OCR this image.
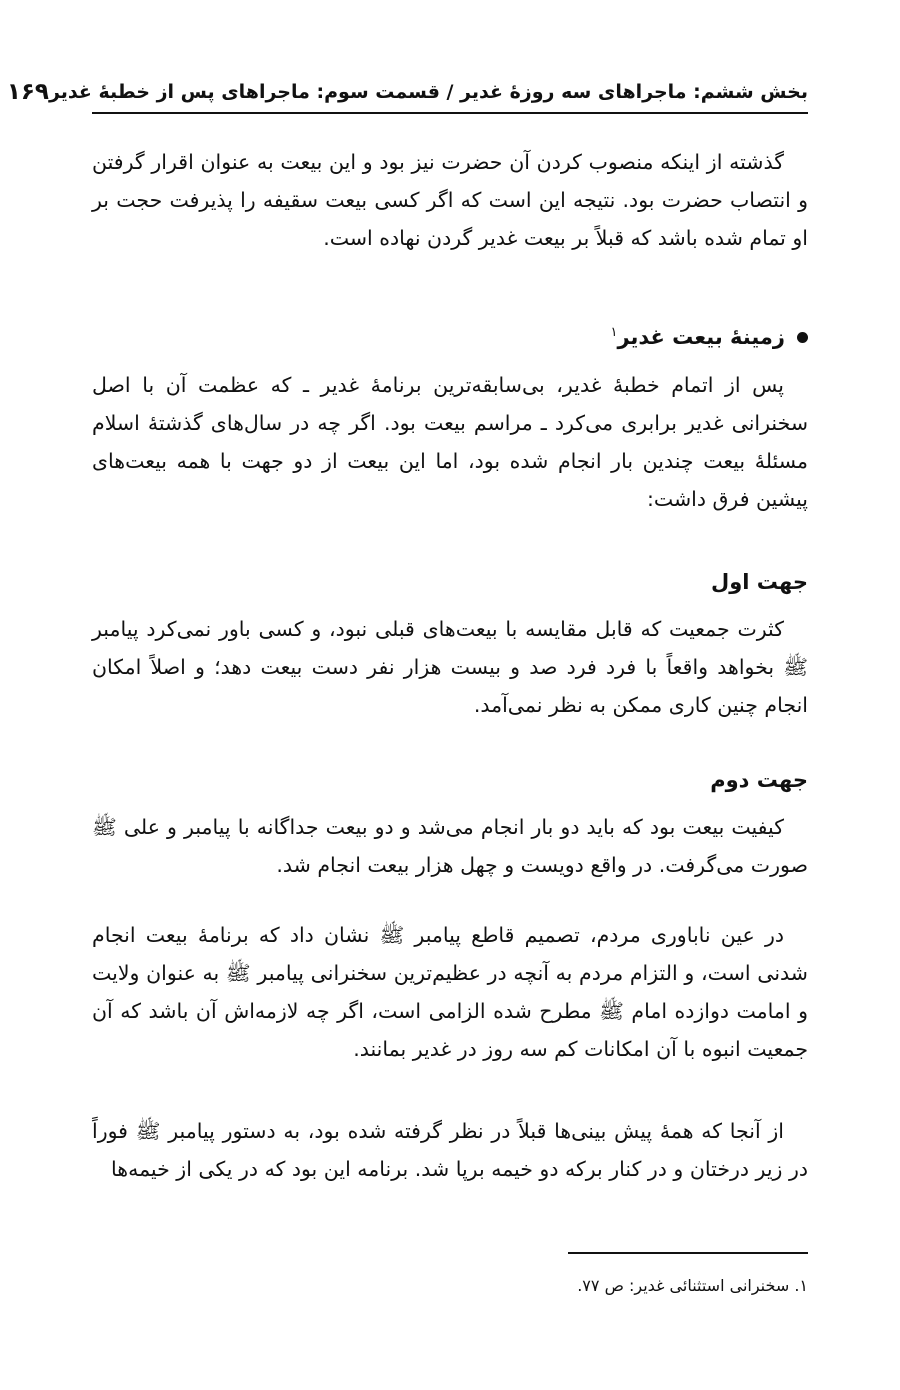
بخش ششم: ماجراهای سه روزۀ غدیر / قسمت سوم: ماجراهای پس از خطبۀ غدیر
۱۶۹

گذشته از اینکه منصوب کردن آن حضرت نیز بود و این بیعت به عنوان اقرار گرفتن و انتصاب حضرت بود. نتیجه این است که اگر کسی بیعت سقیفه را پذیرفت حجت بر او تمام شده باشد که قبلاً بر بیعت غدیر گردن نهاده است.

زمینۀ بیعت غدیر$^۱$

پس از اتمام خطبۀ غدیر، بی‌سابقه‌ترین برنامۀ غدیر ـ که عظمت آن با اصل سخنرانی غدیر برابری می‌کرد ـ مراسم بیعت بود. اگر چه در سال‌های گذشتۀ اسلام مسئلۀ بیعت چندین بار انجام شده بود، اما این بیعت از دو جهت با همه بیعت‌های پیشین فرق داشت:

جهت اول

کثرت جمعیت که قابل مقایسه با بیعت‌های قبلی نبود، و کسی باور نمی‌کرد پیامبر ﷺ بخواهد واقعاً با فرد فرد صد و بیست هزار نفر دست بیعت دهد؛ و اصلاً امکان انجام چنین کاری ممکن به نظر نمی‌آمد.

جهت دوم

کیفیت بیعت بود که باید دو بار انجام می‌شد و دو بیعت جداگانه با پیامبر و علی ﷺ صورت می‌گرفت. در واقع دویست و چهل هزار بیعت انجام شد.

در عین ناباوری مردم، تصمیم قاطع پیامبر ﷺ نشان داد که برنامۀ بیعت انجام شدنی است، و التزام مردم به آنچه در عظیم‌ترین سخنرانی پیامبر ﷺ به عنوان ولایت و امامت دوازده امام ﷺ مطرح شده الزامی است، اگر چه لازمه‌اش آن باشد که آن جمعیت انبوه با آن امکانات کم سه روز در غدیر بمانند.

از آنجا که همۀ پیش بینی‌ها قبلاً در نظر گرفته شده بود، به دستور پیامبر ﷺ فوراً در زیر درختان و در کنار برکه دو خیمه برپا شد. برنامه این بود که در یکی از خیمه‌ها

۱. سخنرانی استثنائی غدیر: ص ۷۷.
